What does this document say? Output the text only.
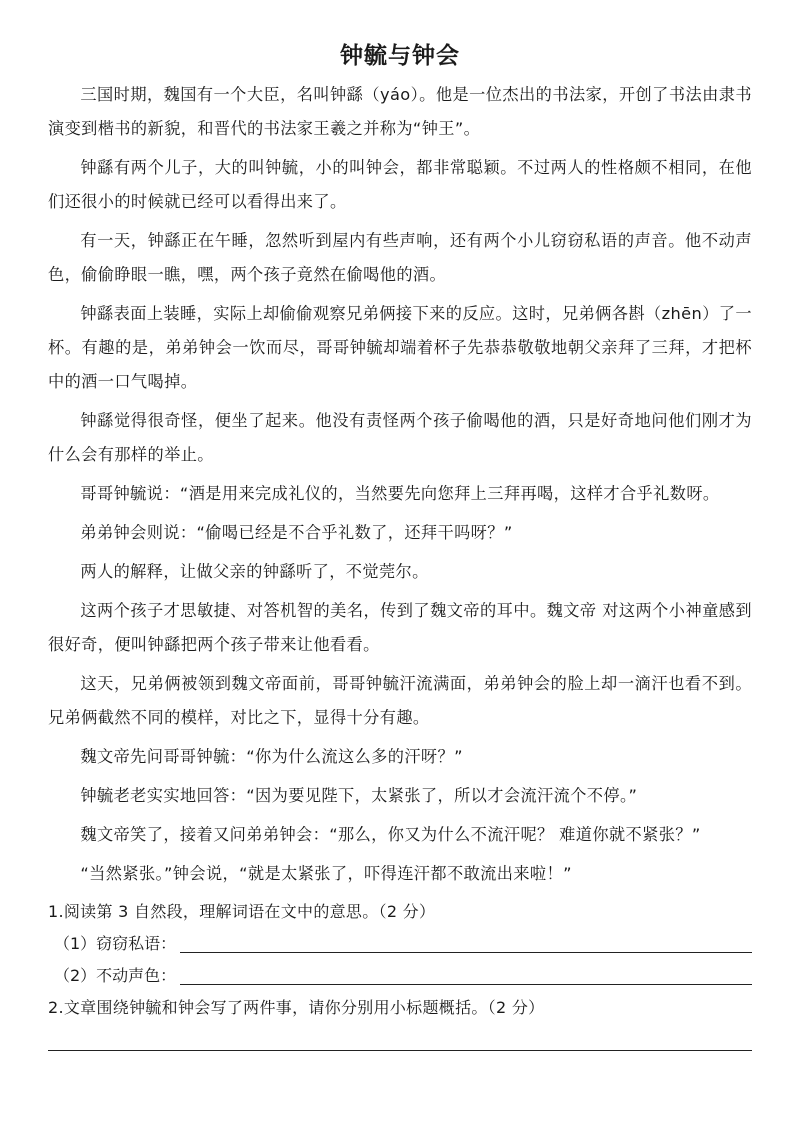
钟毓与钟会

三国时期，魏国有一个大臣，名叫钟繇（yáo）。他是一位杰出的书法家，开创了书法由隶书演变到楷书的新貌，和晋代的书法家王羲之并称为“钟王”。

钟繇有两个儿子，大的叫钟毓，小的叫钟会，都非常聪颖。不过两人的性格颇不相同，在他们还很小的时候就已经可以看得出来了。

有一天，钟繇正在午睡，忽然听到屋内有些声响，还有两个小儿窃窃私语的声音。他不动声色，偷偷睁眼一瞧，嘿，两个孩子竟然在偷喝他的酒。

钟繇表面上装睡，实际上却偷偷观察兄弟俩接下来的反应。这时，兄弟俩各斟（zhēn）了一杯。有趣的是，弟弟钟会一饮而尽，哥哥钟毓却端着杯子先恭恭敬敬地朝父亲拜了三拜，才把杯中的酒一口气喝掉。

钟繇觉得很奇怪，便坐了起来。他没有责怪两个孩子偷喝他的酒，只是好奇地问他们刚才为什么会有那样的举止。

哥哥钟毓说：“酒是用来完成礼仪的，当然要先向您拜上三拜再喝，这样才合乎礼数呀。

弟弟钟会则说：“偷喝已经是不合乎礼数了，还拜干吗呀？”

两人的解释，让做父亲的钟繇听了，不觉莞尔。

这两个孩子才思敏捷、对答机智的美名，传到了魏文帝的耳中。魏文帝 对这两个小神童感到很好奇，便叫钟繇把两个孩子带来让他看看。

这天，兄弟俩被领到魏文帝面前，哥哥钟毓汗流满面，弟弟钟会的脸上却一滴汗也看不到。兄弟俩截然不同的模样，对比之下，显得十分有趣。

魏文帝先问哥哥钟毓：“你为什么流这么多的汗呀？”

钟毓老老实实地回答：“因为要见陛下，太紧张了，所以才会流汗流个不停。”

魏文帝笑了，接着又问弟弟钟会：“那么，你又为什么不流汗呢？ 难道你就不紧张？”

“当然紧张。”钟会说，“就是太紧张了，吓得连汗都不敢流出来啦！”

1.阅读第 3 自然段，理解词语在文中的意思。（2 分）

（1）窃窃私语：
（2）不动声色：

2.文章围绕钟毓和钟会写了两件事，请你分别用小标题概括。（2 分）
